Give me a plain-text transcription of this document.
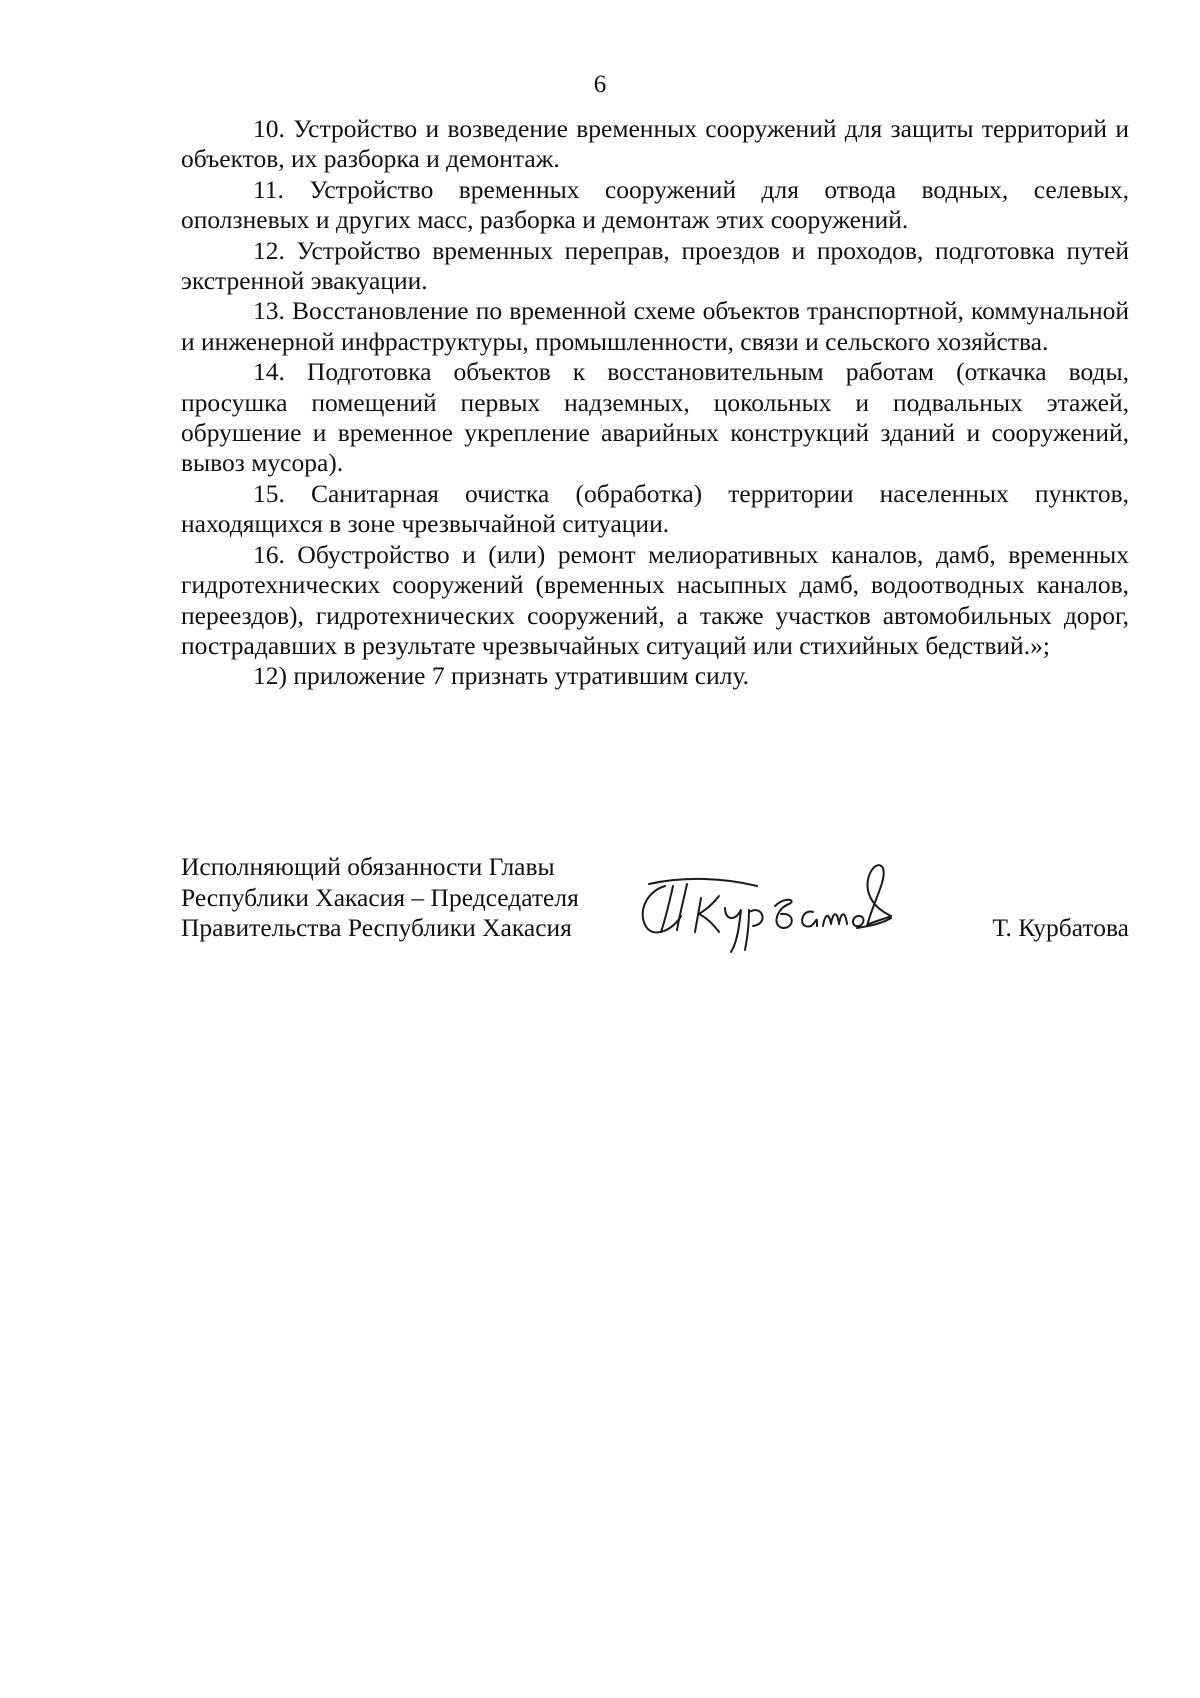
6

10. Устройство и возведение временных сооружений для защиты территорий и объектов, их разборка и демонтаж.

11. Устройство временных сооружений для отвода водных, селевых, оползневых и других масс, разборка и демонтаж этих сооружений.

12. Устройство временных переправ, проездов и проходов, подготовка путей экстренной эвакуации.

13. Восстановление по временной схеме объектов транспортной, коммунальной и инженерной инфраструктуры, промышленности, связи и сельского хозяйства.

14. Подготовка объектов к восстановительным работам (откачка воды, просушка помещений первых надземных, цокольных и подвальных этажей, обрушение и временное укрепление аварийных конструкций зданий и сооружений, вывоз мусора).

15. Санитарная очистка (обработка) территории населенных пунктов, находящихся в зоне чрезвычайной ситуации.

16. Обустройство и (или) ремонт мелиоративных каналов, дамб, временных гидротехнических сооружений (временных насыпных дамб, водоотводных каналов, переездов), гидротехнических сооружений, а также участков автомобильных дорог, пострадавших в результате чрезвычайных ситуаций или стихийных бедствий.»;

12) приложение 7 признать утратившим силу.

Исполняющий обязанности Главы
Республики Хакасия – Председателя
Правительства Республики Хакасия	Т. Курбатова
